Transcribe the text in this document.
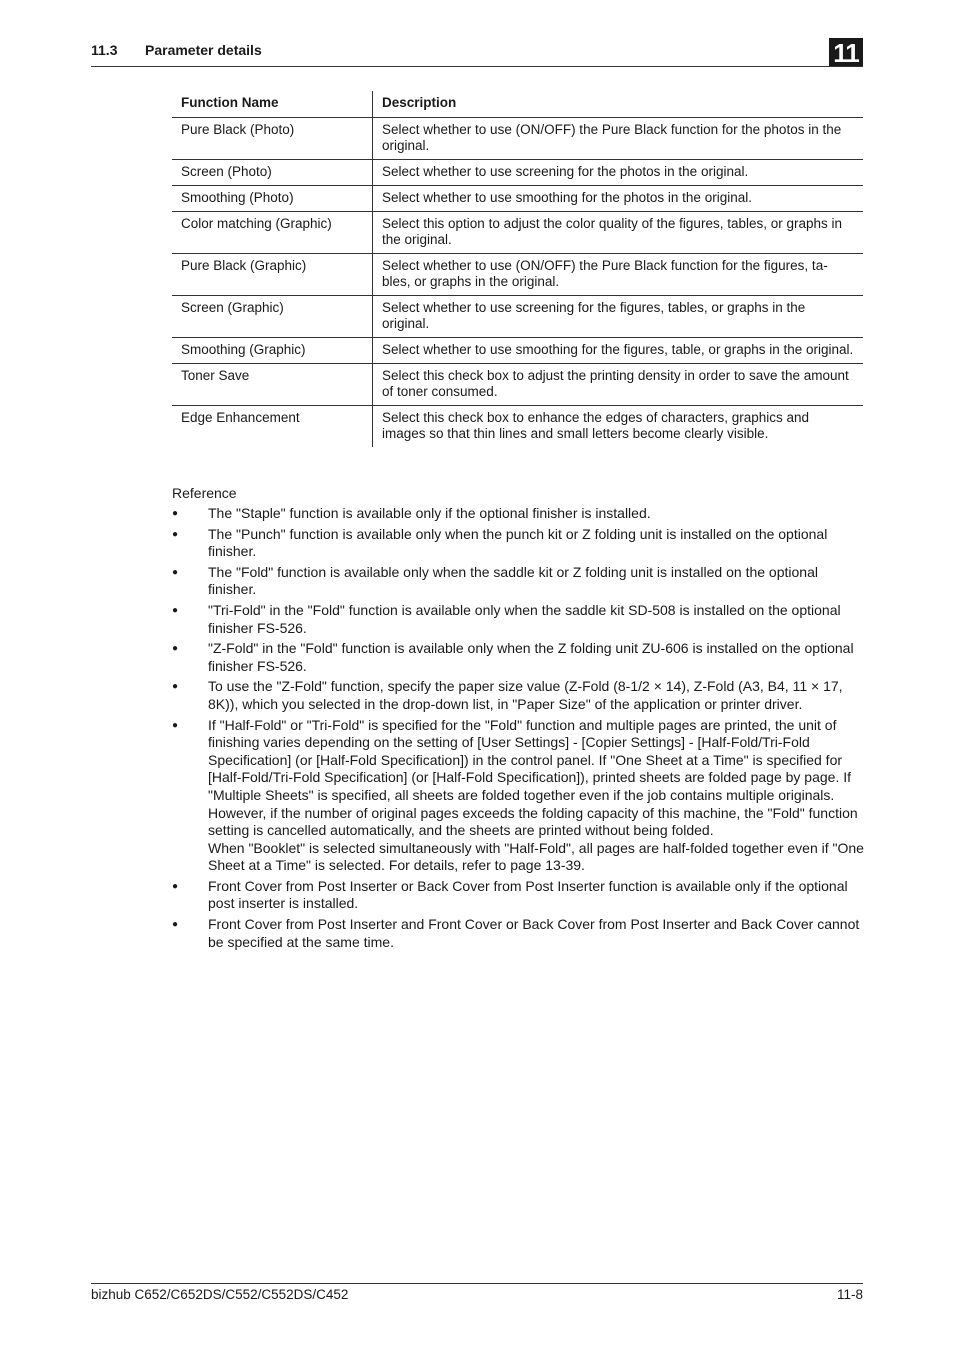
11.3 Parameter details	11
Function Name	Description
Pure Black (Photo)	Select whether to use (ON/OFF) the Pure Black function for the photos in the original.
Screen (Photo)	Select whether to use screening for the photos in the original.
Smoothing (Photo)	Select whether to use smoothing for the photos in the original.
Color matching (Graphic)	Select this option to adjust the color quality of the figures, tables, or graphs in the original.
Pure Black (Graphic)	Select whether to use (ON/OFF) the Pure Black function for the figures, ta-bles, or graphs in the original.
Screen (Graphic)	Select whether to use screening for the figures, tables, or graphs in the original.
Smoothing (Graphic)	Select whether to use smoothing for the figures, table, or graphs in the original.
Toner Save	Select this check box to adjust the printing density in order to save the amount of toner consumed.
Edge Enhancement	Select this check box to enhance the edges of characters, graphics and images so that thin lines and small letters become clearly visible.
Reference
● The "Staple" function is available only if the optional finisher is installed.
● The "Punch" function is available only when the punch kit or Z folding unit is installed on the optional finisher.
● The "Fold" function is available only when the saddle kit or Z folding unit is installed on the optional finisher.
● "Tri-Fold" in the "Fold" function is available only when the saddle kit SD-508 is installed on the optional finisher FS-526.
● "Z-Fold" in the "Fold" function is available only when the Z folding unit ZU-606 is installed on the optional finisher FS-526.
● To use the "Z-Fold" function, specify the paper size value (Z-Fold (8-1/2 × 14), Z-Fold (A3, B4, 11 × 17, 8K)), which you selected in the drop-down list, in "Paper Size" of the application or printer driver.
● If "Half-Fold" or "Tri-Fold" is specified for the "Fold" function and multiple pages are printed, the unit of finishing varies depending on the setting of [User Settings] - [Copier Settings] - [Half-Fold/Tri-Fold Specification] (or [Half-Fold Specification]) in the control panel. If "One Sheet at a Time" is specified for [Half-Fold/Tri-Fold Specification] (or [Half-Fold Specification]), printed sheets are folded page by page. If "Multiple Sheets" is specified, all sheets are folded together even if the job contains multiple originals. However, if the number of original pages exceeds the folding capacity of this machine, the "Fold" function setting is cancelled automatically, and the sheets are printed without being folded.
When "Booklet" is selected simultaneously with "Half-Fold", all pages are half-folded together even if "One Sheet at a Time" is selected. For details, refer to page 13-39.
● Front Cover from Post Inserter or Back Cover from Post Inserter function is available only if the optional post inserter is installed.
● Front Cover from Post Inserter and Front Cover or Back Cover from Post Inserter and Back Cover cannot be specified at the same time.
bizhub C652/C652DS/C552/C552DS/C452	11-8
